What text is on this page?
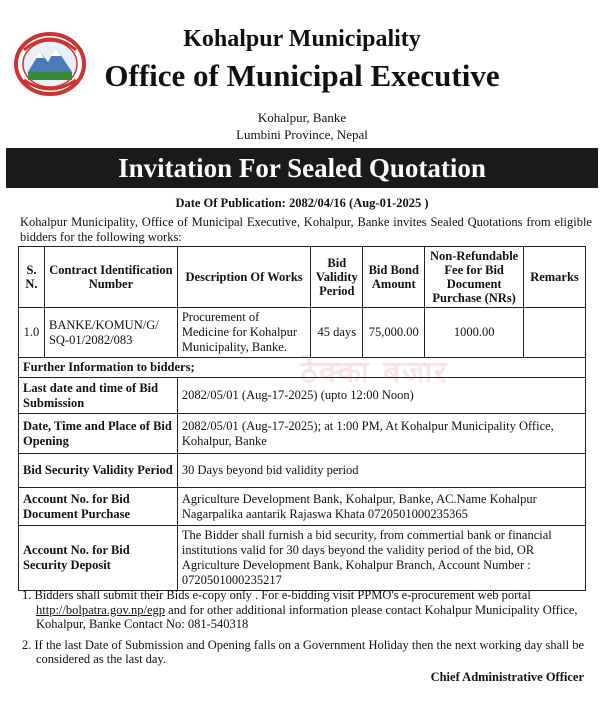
Kohalpur Municipality
Office of Municipal Executive
Kohalpur, Banke
Lumbini Province, Nepal
Invitation For Sealed Quotation
Date Of Publication: 2082/04/16 (Aug-01-2025 )
Kohalpur Municipality, Office of Municipal Executive, Kohalpur, Banke invites Sealed Quotations from eligible bidders for the following works:
S. N.	Contract Identification Number	Description Of Works	Bid Validity Period	Bid Bond Amount	Non-Refundable Fee for Bid Document Purchase (NRs)	Remarks
1.0	BANKE/KOMUN/G/ SQ-01/2082/083	Procurement of Medicine for Kohalpur Municipality, Banke.	45 days	75,000.00	1000.00	
Further Information to bidders;						
Last date and time of Bid Submission		2082/05/01 (Aug-17-2025) (upto 12:00 Noon)				
Date, Time and Place of Bid Opening		2082/05/01 (Aug-17-2025); at 1:00 PM, At Kohalpur Municipality Office, Kohalpur, Banke				
Bid Security Validity Period		30 Days beyond bid validity period				
Account No. for Bid Document Purchase		Agriculture Development Bank, Kohalpur, Banke, AC.Name Kohalpur Nagarpalika aantarik Rajaswa Khata 0720501000235365				
Account No. for Bid Security Deposit		The Bidder shall furnish a bid security, from commertial bank or financial institutions valid for 30 days beyond the validity period of the bid, OR Agriculture Development Bank, Kohalpur Branch, Account Number : 0720501000235217				
ठेक्का बजार
1. Bidders shall submit their Bids e-copy only . For e-bidding visit PPMO's e-procurement web portal http://bolpatra.gov.np/egp and for other additional information please contact Kohalpur Municipality Office, Kohalpur, Banke Contact No: 081-540318
2. If the last Date of Submission and Opening falls on a Government Holiday then the next working day shall be considered as the last day.
Chief Administrative Officer
